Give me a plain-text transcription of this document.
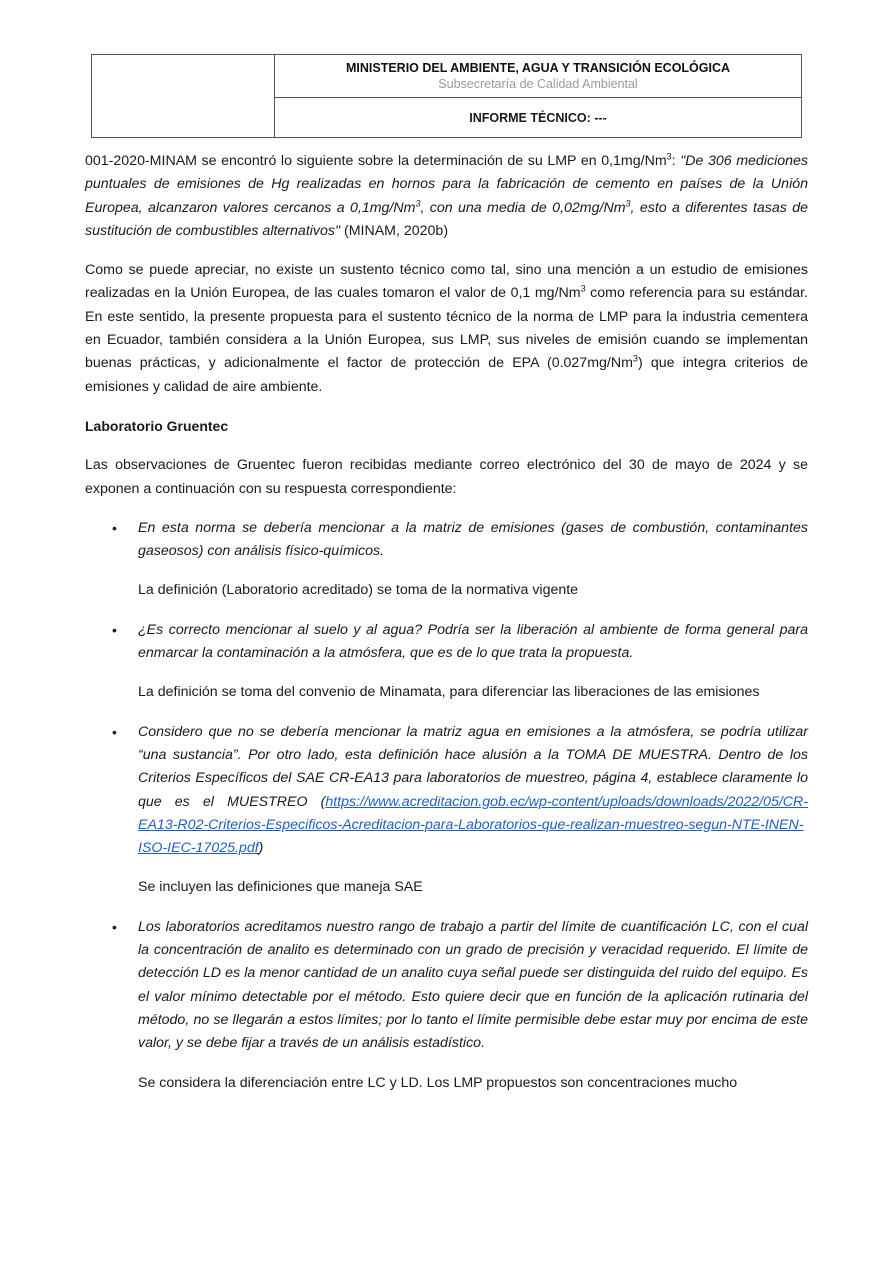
MINISTERIO DEL AMBIENTE, AGUA Y TRANSICIÓN ECOLÓGICA
Subsecretaría de Calidad Ambiental
INFORME TÉCNICO: ---

001-2020-MINAM se encontró lo siguiente sobre la determinación de su LMP en 0,1mg/Nm$^3$: "De 306 mediciones puntuales de emisiones de Hg realizadas en hornos para la fabricación de cemento en países de la Unión Europea, alcanzaron valores cercanos a 0,1mg/Nm$^3$, con una media de 0,02mg/Nm$^3$, esto a diferentes tasas de sustitución de combustibles alternativos" (MINAM, 2020b)

Como se puede apreciar, no existe un sustento técnico como tal, sino una mención a un estudio de emisiones realizadas en la Unión Europea, de las cuales tomaron el valor de 0,1 mg/Nm$^3$ como referencia para su estándar. En este sentido, la presente propuesta para el sustento técnico de la norma de LMP para la industria cementera en Ecuador, también considera a la Unión Europea, sus LMP, sus niveles de emisión cuando se implementan buenas prácticas, y adicionalmente el factor de protección de EPA (0.027mg/Nm$^3$) que integra criterios de emisiones y calidad de aire ambiente.

Laboratorio Gruentec

Las observaciones de Gruentec fueron recibidas mediante correo electrónico del 30 de mayo de 2024 y se exponen a continuación con su respuesta correspondiente:

• En esta norma se debería mencionar a la matriz de emisiones (gases de combustión, contaminantes gaseosos) con análisis físico-químicos.

La definición (Laboratorio acreditado) se toma de la normativa vigente

• ¿Es correcto mencionar al suelo y al agua? Podría ser la liberación al ambiente de forma general para enmarcar la contaminación a la atmósfera, que es de lo que trata la propuesta.

La definición se toma del convenio de Minamata, para diferenciar las liberaciones de las emisiones

• Considero que no se debería mencionar la matriz agua en emisiones a la atmósfera, se podría utilizar “una sustancia”. Por otro lado, esta definición hace alusión a la TOMA DE MUESTRA. Dentro de los Criterios Específicos del SAE CR-EA13 para laboratorios de muestreo, página 4, establece claramente lo que es el MUESTREO (https://www.acreditacion.gob.ec/wp-content/uploads/downloads/2022/05/CR-EA13-R02-Criterios-Especificos-Acreditacion-para-Laboratorios-que-realizan-muestreo-segun-NTE-INEN-ISO-IEC-17025.pdf)

Se incluyen las definiciones que maneja SAE

• Los laboratorios acreditamos nuestro rango de trabajo a partir del límite de cuantificación LC, con el cual la concentración de analito es determinado con un grado de precisión y veracidad requerido. El límite de detección LD es la menor cantidad de un analito cuya señal puede ser distinguida del ruido del equipo. Es el valor mínimo detectable por el método. Esto quiere decir que en función de la aplicación rutinaria del método, no se llegarán a estos límites; por lo tanto el límite permisible debe estar muy por encima de este valor, y se debe fijar a través de un análisis estadístico.

Se considera la diferenciación entre LC y LD. Los LMP propuestos son concentraciones mucho
